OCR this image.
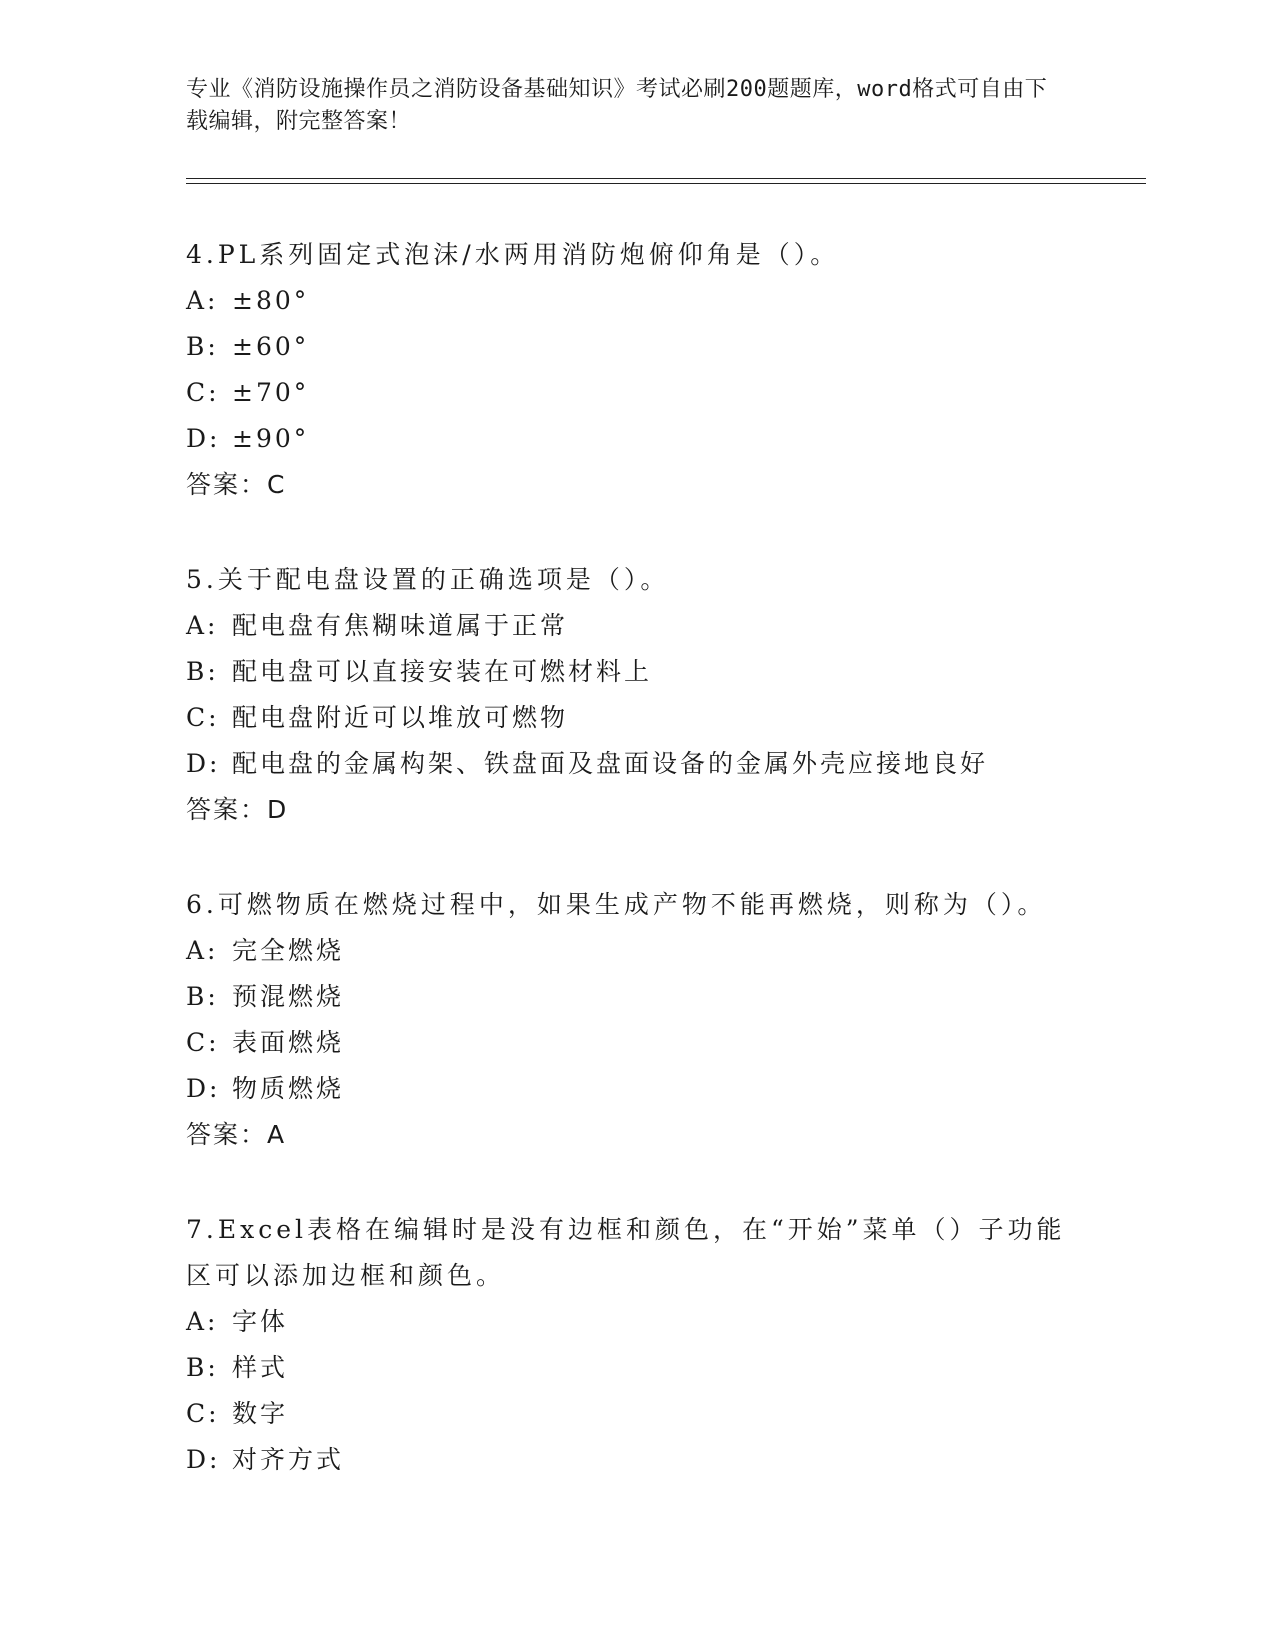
专业《消防设施操作员之消防设备基础知识》考试必刷200题题库，word格式可自由下载编辑，附完整答案！

4.PL系列固定式泡沫/水两用消防炮俯仰角是（）。

A: ±80°
B: ±60°
C: ±70°
D: ±90°
答案：C

5.关于配电盘设置的正确选项是（）。

A: 配电盘有焦糊味道属于正常
B: 配电盘可以直接安装在可燃材料上
C: 配电盘附近可以堆放可燃物
D: 配电盘的金属构架、铁盘面及盘面设备的金属外壳应接地良好
答案：D

6.可燃物质在燃烧过程中，如果生成产物不能再燃烧，则称为（）。

A: 完全燃烧
B: 预混燃烧
C: 表面燃烧
D: 物质燃烧
答案：A

7.Excel表格在编辑时是没有边框和颜色，在“开始”菜单（）子功能区可以添加边框和颜色。

A: 字体
B: 样式
C: 数字
D: 对齐方式
